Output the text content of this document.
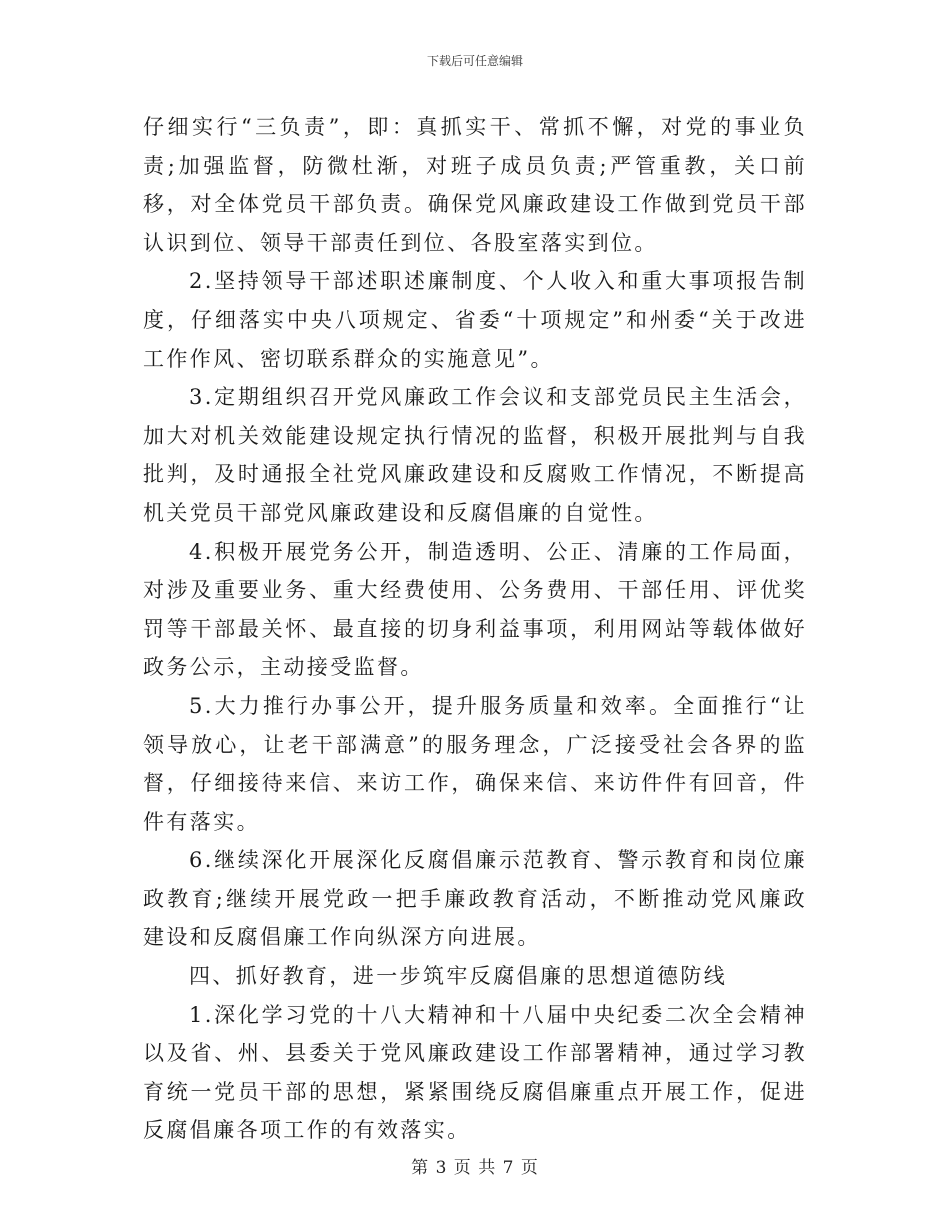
下载后可任意编辑

仔细实行“三负责”，即：真抓实干、常抓不懈，对党的事业负责;加强监督，防微杜渐，对班子成员负责;严管重教，关口前移，对全体党员干部负责。确保党风廉政建设工作做到党员干部认识到位、领导干部责任到位、各股室落实到位。

2.坚持领导干部述职述廉制度、个人收入和重大事项报告制度，仔细落实中央八项规定、省委“十项规定”和州委“关于改进工作作风、密切联系群众的实施意见”。

3.定期组织召开党风廉政工作会议和支部党员民主生活会，加大对机关效能建设规定执行情况的监督，积极开展批判与自我批判，及时通报全社党风廉政建设和反腐败工作情况，不断提高机关党员干部党风廉政建设和反腐倡廉的自觉性。

4.积极开展党务公开，制造透明、公正、清廉的工作局面，对涉及重要业务、重大经费使用、公务费用、干部任用、评优奖罚等干部最关怀、最直接的切身利益事项，利用网站等载体做好政务公示，主动接受监督。

5.大力推行办事公开，提升服务质量和效率。全面推行“让领导放心，让老干部满意”的服务理念，广泛接受社会各界的监督，仔细接待来信、来访工作，确保来信、来访件件有回音，件件有落实。

6.继续深化开展深化反腐倡廉示范教育、警示教育和岗位廉政教育;继续开展党政一把手廉政教育活动，不断推动党风廉政建设和反腐倡廉工作向纵深方向进展。

四、抓好教育，进一步筑牢反腐倡廉的思想道德防线

1.深化学习党的十八大精神和十八届中央纪委二次全会精神以及省、州、县委关于党风廉政建设工作部署精神，通过学习教育统一党员干部的思想，紧紧围绕反腐倡廉重点开展工作，促进反腐倡廉各项工作的有效落实。

第 3 页 共 7 页
